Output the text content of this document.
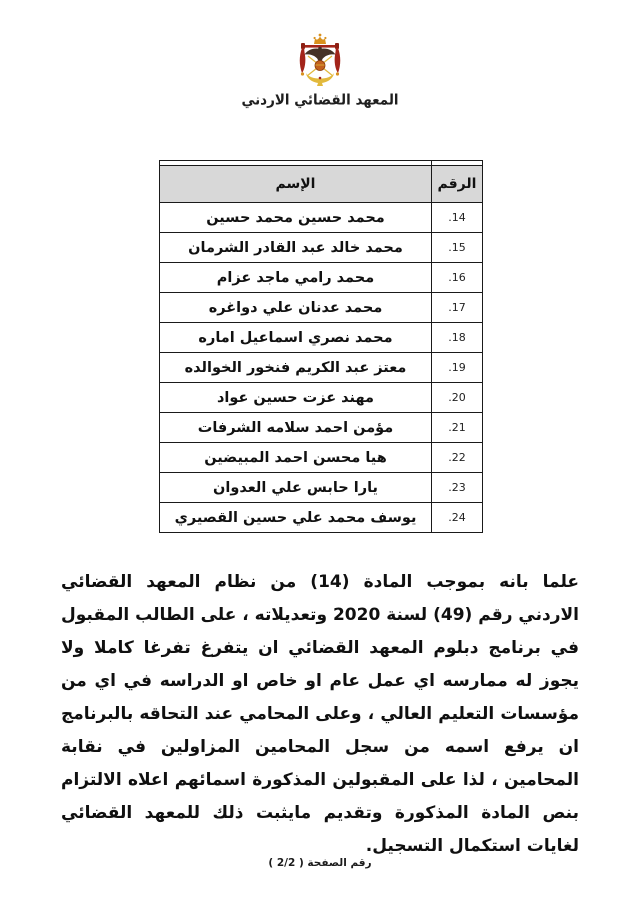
المعهد القضائي الاردني

الرقم	الإسم
.14	محمد حسين محمد حسين
.15	محمد خالد عبد القادر الشرمان
.16	محمد رامي ماجد عزام
.17	محمد عدنان علي دواغره
.18	محمد نصري اسماعيل اماره
.19	معتز عبد الكريم فنخور الخوالده
.20	مهند عزت حسين عواد
.21	مؤمن احمد سلامه الشرفات
.22	هيا محسن احمد المبيضين
.23	يارا حابس علي العدوان
.24	يوسف محمد علي حسين القصيري
علما بانه بموجب المادة (14) من نظام المعهد القضائي الاردني رقم (49) لسنة 2020 وتعديلاته ، على الطالب المقبول في برنامج دبلوم المعهد القضائي ان يتفرغ تفرغا كاملا ولا يجوز له ممارسه اي عمل عام او خاص او الدراسه في اي من مؤسسات التعليم العالي ، وعلى المحامي عند التحاقه بالبرنامج ان يرفع اسمه من سجل المحامين المزاولين في نقابة المحامين ، لذا على المقبولين المذكورة اسمائهم اعلاه الالتزام بنص المادة المذكورة وتقديم مايثبت ذلك للمعهد القضائي لغايات استكمال التسجيل.
رقم الصفحة ( 2/2 )
